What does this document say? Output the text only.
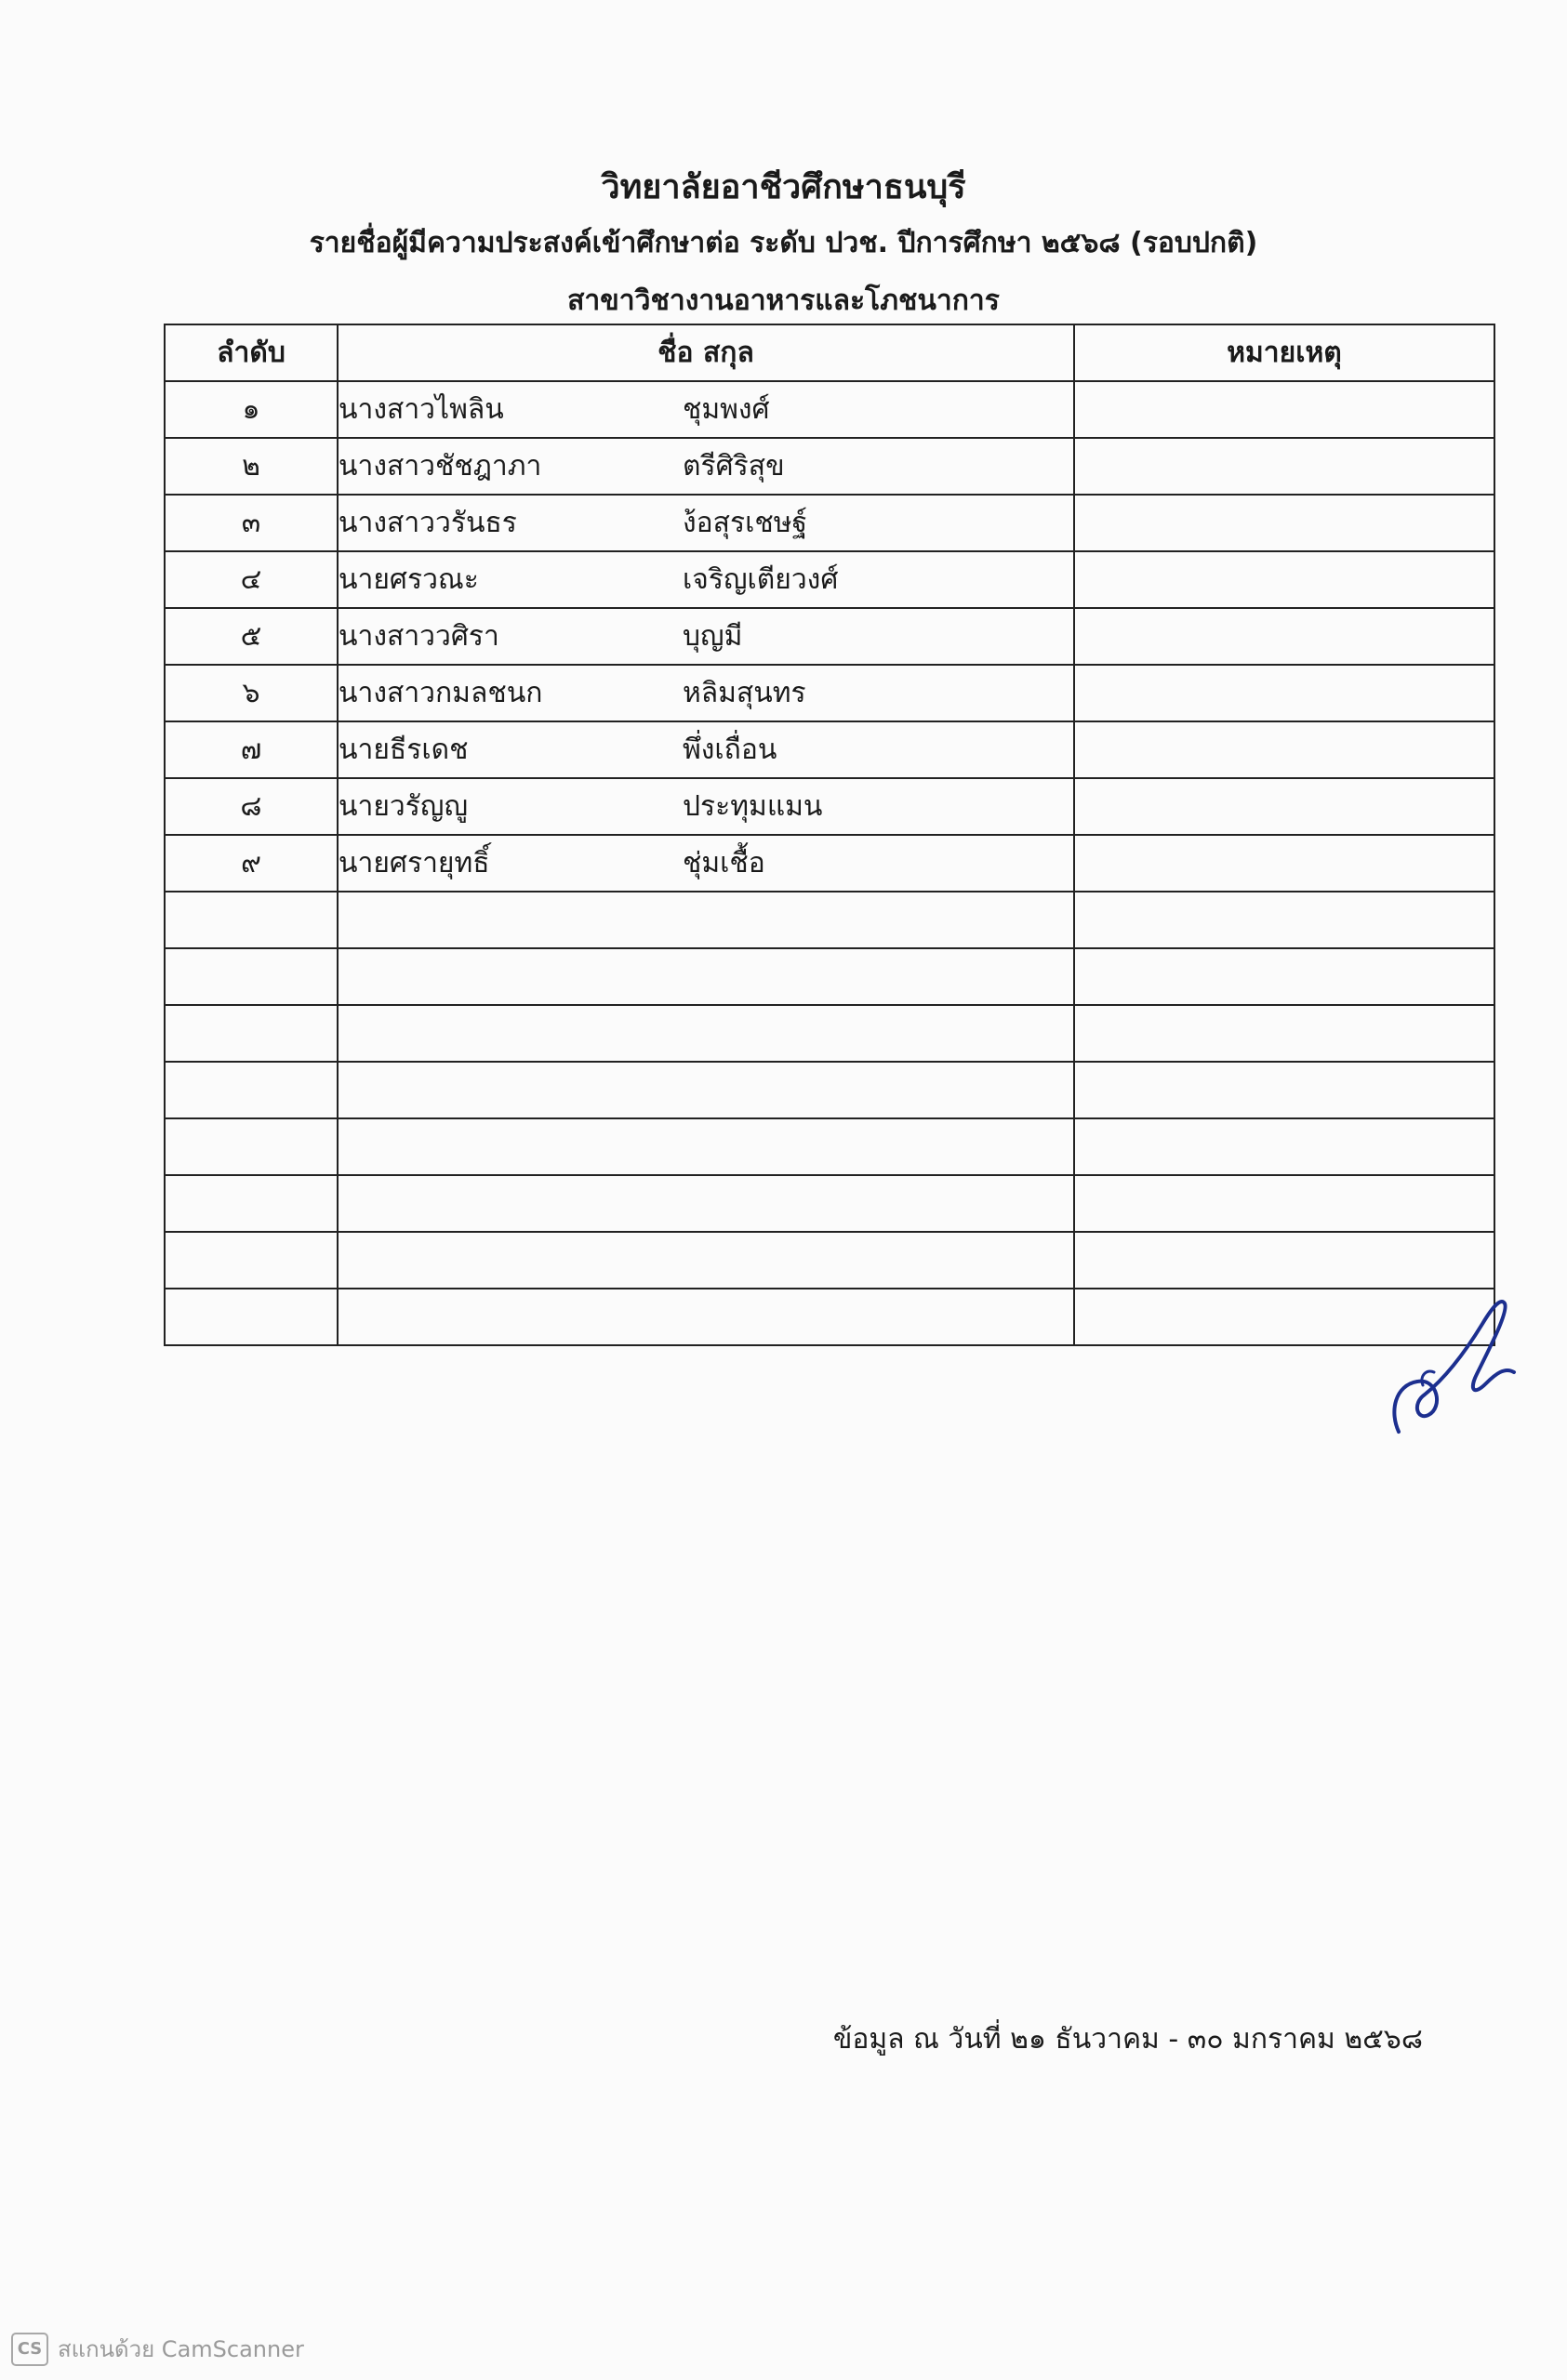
วิทยาลัยอาชีวศึกษาธนบุรี
รายชื่อผู้มีความประสงค์เข้าศึกษาต่อ ระดับ ปวช. ปีการศึกษา ๒๕๖๘ (รอบปกติ)
สาขาวิชางานอาหารและโภชนาการ
ลำดับ	ชื่อ สกุล	หมายเหตุ
๑	นางสาวไพลิน ชุมพงศ์	
๒	นางสาวชัชฎาภา ตรีศิริสุข	
๓	นางสาววรันธร ง้อสุรเชษฐ์	
๔	นายศรวณะ เจริญเตียวงศ์	
๕	นางสาววศิรา บุญมี	
๖	นางสาวกมลชนก หลิมสุนทร	
๗	นายธีรเดช พึ่งเถื่อน	
๘	นายวรัญญู ประทุมแมน	
๙	นายศรายุทธิ์ ชุ่มเชื้อ	

ข้อมูล ณ วันที่ ๒๑ ธันวาคม - ๓๐ มกราคม ๒๕๖๘
CS สแกนด้วย CamScanner
